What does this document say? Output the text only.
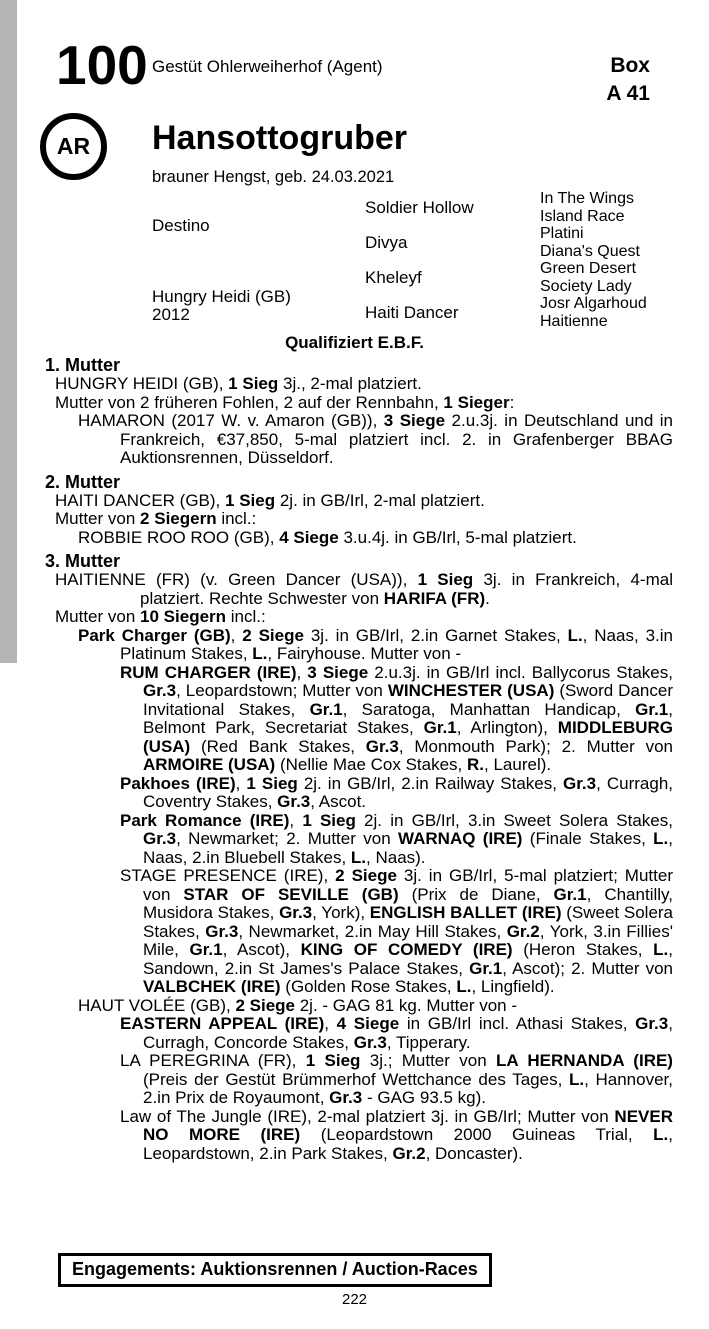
100 Gestüt Ohlerweiherhof (Agent)	Box
A 41
AR Hansottogruber
brauner Hengst, geb. 24.03.2021
Destino
Hungry Heidi (GB)
2012
Soldier Hollow
Divya
Kheleyf
Haiti Dancer
In The Wings
Island Race
Platini
Diana's Quest
Green Desert
Society Lady
Josr Algarhoud
Haitienne
Qualifiziert E.B.F.
1. Mutter
HUNGRY HEIDI (GB), 1 Sieg 3j., 2-mal platziert.
Mutter von 2 früheren Fohlen, 2 auf der Rennbahn, 1 Sieger:
HAMARON (2017 W. v. Amaron (GB)), 3 Siege 2.u.3j. in Deutschland und in Frankreich, €37,850, 5-mal platziert incl. 2. in Grafenberger BBAG Auktionsrennen, Düsseldorf.
2. Mutter
HAITI DANCER (GB), 1 Sieg 2j. in GB/Irl, 2-mal platziert.
Mutter von 2 Siegern incl.:
ROBBIE ROO ROO (GB), 4 Siege 3.u.4j. in GB/Irl, 5-mal platziert.
3. Mutter
HAITIENNE (FR) (v. Green Dancer (USA)), 1 Sieg 3j. in Frankreich, 4-mal platziert. Rechte Schwester von HARIFA (FR).
Mutter von 10 Siegern incl.:
Park Charger (GB), 2 Siege 3j. in GB/Irl, 2.in Garnet Stakes, L., Naas, 3.in Platinum Stakes, L., Fairyhouse. Mutter von -
RUM CHARGER (IRE), 3 Siege 2.u.3j. in GB/Irl incl. Ballycorus Stakes, Gr.3, Leopardstown; Mutter von WINCHESTER (USA) (Sword Dancer Invitational Stakes, Gr.1, Saratoga, Manhattan Handicap, Gr.1, Belmont Park, Secretariat Stakes, Gr.1, Arlington), MIDDLEBURG (USA) (Red Bank Stakes, Gr.3, Monmouth Park); 2. Mutter von ARMOIRE (USA) (Nellie Mae Cox Stakes, R., Laurel).
Pakhoes (IRE), 1 Sieg 2j. in GB/Irl, 2.in Railway Stakes, Gr.3, Curragh, Coventry Stakes, Gr.3, Ascot.
Park Romance (IRE), 1 Sieg 2j. in GB/Irl, 3.in Sweet Solera Stakes, Gr.3, Newmarket; 2. Mutter von WARNAQ (IRE) (Finale Stakes, L., Naas, 2.in Bluebell Stakes, L., Naas).
STAGE PRESENCE (IRE), 2 Siege 3j. in GB/Irl, 5-mal platziert; Mutter von STAR OF SEVILLE (GB) (Prix de Diane, Gr.1, Chantilly, Musidora Stakes, Gr.3, York), ENGLISH BALLET (IRE) (Sweet Solera Stakes, Gr.3, Newmarket, 2.in May Hill Stakes, Gr.2, York, 3.in Fillies' Mile, Gr.1, Ascot), KING OF COMEDY (IRE) (Heron Stakes, L., Sandown, 2.in St James's Palace Stakes, Gr.1, Ascot); 2. Mutter von VALBCHEK (IRE) (Golden Rose Stakes, L., Lingfield).
HAUT VOLÉE (GB), 2 Siege 2j. - GAG 81 kg. Mutter von -
EASTERN APPEAL (IRE), 4 Siege in GB/Irl incl. Athasi Stakes, Gr.3, Curragh, Concorde Stakes, Gr.3, Tipperary.
LA PEREGRINA (FR), 1 Sieg 3j.; Mutter von LA HERNANDA (IRE) (Preis der Gestüt Brümmerhof Wettchance des Tages, L., Hannover, 2.in Prix de Royaumont, Gr.3 - GAG 93.5 kg).
Law of The Jungle (IRE), 2-mal platziert 3j. in GB/Irl; Mutter von NEVER NO MORE (IRE) (Leopardstown 2000 Guineas Trial, L., Leopardstown, 2.in Park Stakes, Gr.2, Doncaster).
Engagements: Auktionsrennen / Auction-Races
222
